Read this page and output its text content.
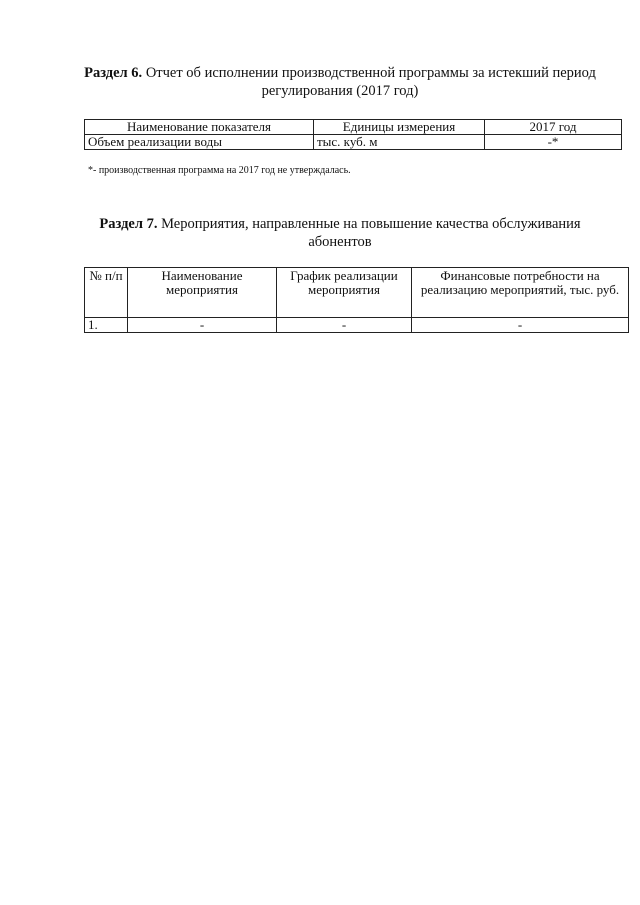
Раздел 6. Отчет об исполнении производственной программы за истекший период регулирования (2017 год)
Наименование показателя	Единицы измерения	2017 год
Объем реализации воды	тыс. куб. м	-*
*- производственная программа на 2017 год не утверждалась.
Раздел 7. Мероприятия, направленные на повышение качества обслуживания абонентов
№ п/п	Наименование мероприятия	График реализации мероприятия	Финансовые потребности на реализацию мероприятий, тыс. руб.
1.	-	-	-
